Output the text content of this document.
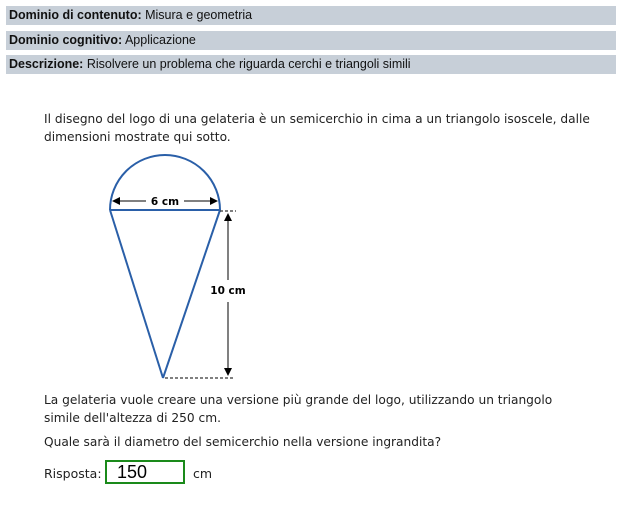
Dominio di contenuto: Misura e geometria
Dominio cognitivo: Applicazione
Descrizione: Risolvere un problema che riguarda cerchi e triangoli simili
Il disegno del logo di una gelateria è un semicerchio in cima a un triangolo isoscele, dalle
dimensioni mostrate qui sotto.
6 cm
10 cm
La gelateria vuole creare una versione più grande del logo, utilizzando un triangolo
simile dell'altezza di 250 cm.
Quale sarà il diametro del semicerchio nella versione ingrandita?
Risposta: 150	cm
